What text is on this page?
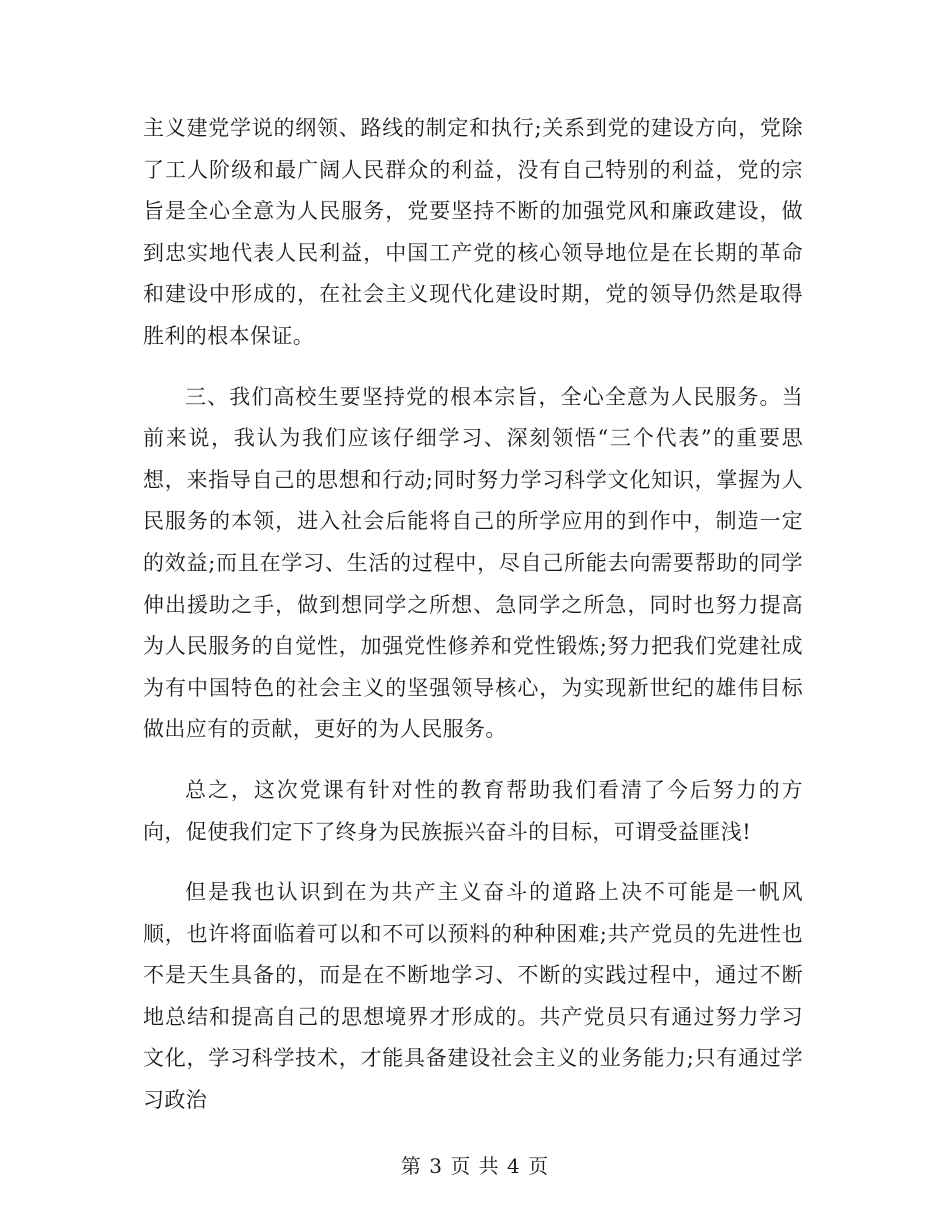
主义建党学说的纲领、路线的制定和执行;关系到党的建设方向，党除了工人阶级和最广阔人民群众的利益，没有自己特别的利益，党的宗旨是全心全意为人民服务，党要坚持不断的加强党风和廉政建设，做到忠实地代表人民利益，中国工产党的核心领导地位是在长期的革命和建设中形成的，在社会主义现代化建设时期，党的领导仍然是取得胜利的根本保证。

三、我们高校生要坚持党的根本宗旨，全心全意为人民服务。当前来说，我认为我们应该仔细学习、深刻领悟“三个代表”的重要思想，来指导自己的思想和行动;同时努力学习科学文化知识，掌握为人民服务的本领，进入社会后能将自己的所学应用的到作中，制造一定的效益;而且在学习、生活的过程中，尽自己所能去向需要帮助的同学伸出援助之手，做到想同学之所想、急同学之所急，同时也努力提高为人民服务的自觉性，加强党性修养和党性锻炼;努力把我们党建社成为有中国特色的社会主义的坚强领导核心，为实现新世纪的雄伟目标做出应有的贡献，更好的为人民服务。

总之，这次党课有针对性的教育帮助我们看清了今后努力的方向，促使我们定下了终身为民族振兴奋斗的目标，可谓受益匪浅!

但是我也认识到在为共产主义奋斗的道路上决不可能是一帆风顺，也许将面临着可以和不可以预料的种种困难;共产党员的先进性也不是天生具备的，而是在不断地学习、不断的实践过程中，通过不断地总结和提高自己的思想境界才形成的。共产党员只有通过努力学习文化，学习科学技术，才能具备建设社会主义的业务能力;只有通过学习政治

第 3 页 共 4 页
